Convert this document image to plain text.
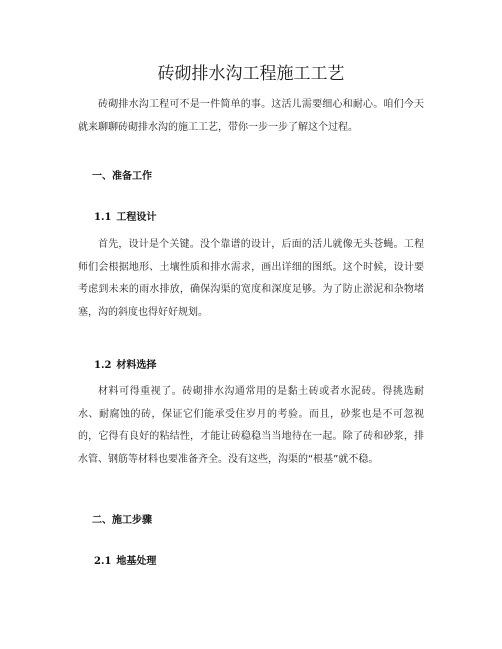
砖砌排水沟工程施工工艺

砖砌排水沟工程可不是一件简单的事。这活儿需要细心和耐心。咱们今天就来聊聊砖砌排水沟的施工工艺，带你一步一步了解这个过程。

一、准备工作
1.1 工程设计

首先，设计是个关键。没个靠谱的设计，后面的活儿就像无头苍蝇。工程师们会根据地形、土壤性质和排水需求，画出详细的图纸。这个时候，设计要考虑到未来的雨水排放，确保沟渠的宽度和深度足够。为了防止淤泥和杂物堵塞，沟的斜度也得好好规划。

1.2 材料选择

材料可得重视了。砖砌排水沟通常用的是黏土砖或者水泥砖。得挑选耐水、耐腐蚀的砖，保证它们能承受住岁月的考验。而且，砂浆也是不可忽视的，它得有良好的粘结性，才能让砖稳稳当当地待在一起。除了砖和砂浆，排水管、钢筋等材料也要准备齐全。没有这些，沟渠的“根基”就不稳。

二、施工步骤
2.1 地基处理
